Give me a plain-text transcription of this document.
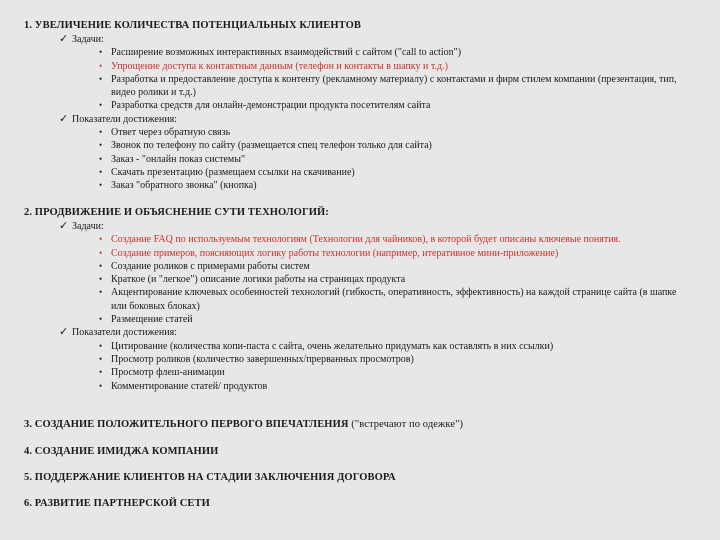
1. УВЕЛИЧЕНИЕ КОЛИЧЕСТВА ПОТЕНЦИАЛЬНЫХ КЛИЕНТОВ
✓ Задачи:
• Расширение возможных интерактивных взаимодействий с сайтом ("call to action")
• Упрощение доступа к контактным данным (телефон и контакты в шапку и т.д.)
• Разработка и предоставление доступа к контенту (рекламному материалу) с контактами и фирм стилем компании (презентация, тип, видео ролики и т.д.)
• Разработка средств для онлайн-демонстрации продукта посетителям сайта
✓ Показатели достижения:
• Ответ через обратную связь
• Звонок по телефону по сайту (размещается спец телефон только для сайта)
• Заказ - "онлайн показ системы"
• Скачать презентацию (размещаем ссылки на скачивание)
• Заказ "обратного звонка" (кнопка)
2. ПРОДВИЖЕНИЕ И ОБЪЯСНЕНИЕ СУТИ ТЕХНОЛОГИЙ:
✓ Задачи:
• Создание FAQ по используемым технологиям (Технологии для чайников), в которой будет описаны ключевые понятия.
• Создание примеров, поясняющих логику работы технологии (например, итеративное мини-приложение)
• Создание роликов с примерами работы систем
• Краткое (и "легкое") описание логики работы на страницах продукта
• Акцентирование ключевых особенностей технологий (гибкость, оперативность, эффективность) на каждой странице сайта (в шапке или боковых блоках)
• Размещение статей
✓ Показатели достижения:
• Цитирование (количества копи-паста с сайта, очень желательно придумать как оставлять в них ссылки)
• Просмотр роликов (количество завершенных/прерванных просмотров)
• Просмотр флеш-анимации
• Комментирование статей/ продуктов
3. СОЗДАНИЕ ПОЛОЖИТЕЛЬНОГО ПЕРВОГО ВПЕЧАТЛЕНИЯ ("встречают по одежке")
4. СОЗДАНИЕ ИМИДЖА КОМПАНИИ
5. ПОДДЕРЖАНИЕ КЛИЕНТОВ НА СТАДИИ ЗАКЛЮЧЕНИЯ ДОГОВОРА
6. РАЗВИТИЕ ПАРТНЕРСКОЙ СЕТИ
